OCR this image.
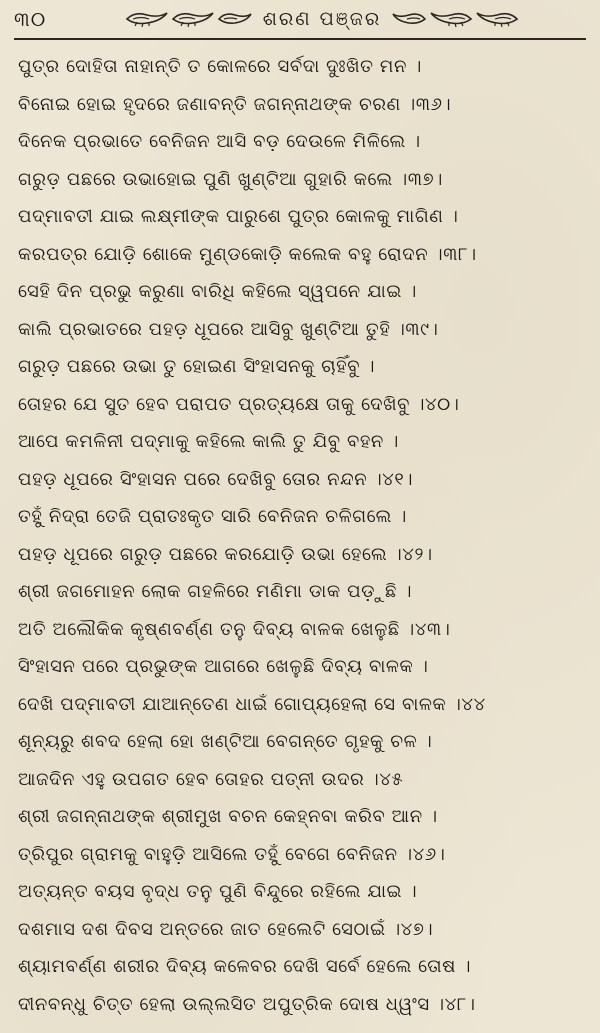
୩୦	ଶରଣ ପଞ୍ଜର
ପୁତ୍ର ଦୋହିତା ନାହାନ୍ତି ତ କୋଳରେ ସର୍ବଦା ଦୁଃଖିତ ମନ ।
ବିନୋଇ ହୋଇ ହୃଦରେ ଜଣାବନ୍ତି ଜଗନ୍ନାଥଙ୍କ ଚରଣ ।୩୬।
ଦିନେକ ପ୍ରଭାତେ ବେନିଜନ ଆସି ବଡ଼ ଦେଉଳେ ମିଳିଲେ ।
ଗରୁଡ଼ ପଛରେ ଉଭାହୋଇ ପୁଣି ଖୁଣ୍ଟିଆ ଗୁହାରି କଲେ ।୩୭।
ପଦ୍ମାବତୀ ଯାଇ ଲକ୍ଷ୍ମୀଙ୍କ ପାରୁଶେ ପୁତ୍ର କୋଳକୁ ମାଗିଣ ।
କରପତ୍ର ଯୋଡ଼ି ଶୋକେ ମୁଣ୍ଡକୋଡ଼ି କଲେକ ବହୁ ରୋଦନ ।୩୮।
ସେହି ଦିନ ପ୍ରଭୁ କରୁଣା ବାରିଧି କହିଲେ ସ୍ୱପନେ ଯାଇ ।
କାଲି ପ୍ରଭାତରେ ପହଡ଼ ଧୂପରେ ଆସିବୁ ଖୁଣ୍ଟିଆ ତୁହି ।୩୯।
ଗରୁଡ଼ ପଛରେ ଉଭା ତୁ ହୋଇଣ ସିଂହାସନକୁ ଚାହିଁବୁ ।
ତୋହର ଯେ ସୁତ ହେବ ପରାପତ ପ୍ରତ୍ୟକ୍ଷେ ତାକୁ ଦେଖିବୁ ।୪୦।
ଆପେ କମଳିନୀ ପଦ୍ମାକୁ କହିଲେ କାଲି ତୁ ଯିବୁ ବହନ ।
ପହଡ଼ ଧୂପରେ ସିଂହାସନ ପରେ ଦେଖିବୁ ତୋର ନନ୍ଦନ ।୪୧।
ତହୁଁ ନିଦ୍ରା ତେଜି ପ୍ରାତଃକୃତ ସାରି ବେନିଜନ ଚଳିଗଲେ ।
ପହଡ଼ ଧୂପରେ ଗରୁଡ଼ ପଛରେ କରଯୋଡ଼ି ଉଭା ହେଲେ ।୪୨।
ଶ୍ରୀ ଜଗମୋହନ ଲୋକ ଗହଳିରେ ମଣିମା ଡାକ ପଡ଼ୁଛି ।
ଅତି ଅଲୌକିକ କୃଷ୍ଣବର୍ଣ୍ଣ ତନୁ ଦିବ୍ୟ ବାଳକ ଖେଳୁଛି ।୪୩।
ସିଂହାସନ ପରେ ପ୍ରଭୁଙ୍କ ଆଗରେ ଖେଳୁଛି ଦିବ୍ୟ ବାଳକ ।
ଦେଖି ପଦ୍ମାବତୀ ଯାଆନ୍ତେଣ ଧାଇଁ ଗୋପ୍ୟହେଲା ସେ ବାଳକ ।୪୪
ଶୂନ୍ୟରୁ ଶବଦ ହେଲା ହୋ ଖଣ୍ଟିଆ ବେଗନ୍ତେ ଗୃହକୁ ଚଳ ।
ଆଜଦିନ ଏହୁ ଉପଗତ ହେବ ତୋହର ପତ୍ନୀ ଉଦର ।୪୫
ଶ୍ରୀ ଜଗନ୍ନାଥଙ୍କ ଶ୍ରୀମୁଖ ବଚନ କେହ୍ନବା କରିବ ଆନ ।
ତ୍ରିପୁର ଗ୍ରାମକୁ ବାହୁଡ଼ି ଆସିଲେ ତହୁଁ ବେଗେ ବେନିଜନ ।୪୬।
ଅତ୍ୟନ୍ତ ବୟସ ବୃଦ୍ଧ ତନୁ ପୁଣି ବିନ୍ଦୁରେ ରହିଲେ ଯାଇ ।
ଦଶମାସ ଦଶ ଦିବସ ଅନ୍ତରେ ଜାତ ହେଲେଟି ସେଠାଇଁ ।୪୭।
ଶ୍ୟାମବର୍ଣ୍ଣ ଶରୀର ଦିବ୍ୟ କଳେବର ଦେଖି ସର୍ବେ ହେଲେ ତୋଷ ।
ଦୀନବନ୍ଧୁ ଚିତ୍ତ ହେଲା ଉଲ୍ଲସିତ ଅପୁତ୍ରିକ ଦୋଷ ଧ୍ୱଂସ ।୪୮।
